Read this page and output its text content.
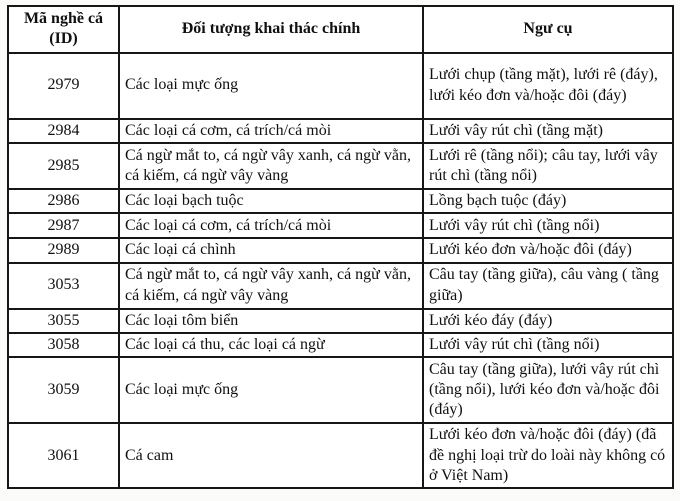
Mã nghề cá (ID)	Đối tượng khai thác chính	Ngư cụ
2979	Các loại mực ống	Lưới chụp (tầng mặt), lưới rê (đáy), lưới kéo đơn và/hoặc đôi (đáy)
2984	Các loại cá cơm, cá trích/cá mòi	Lưới vây rút chì (tầng mặt)
2985	Cá ngừ mắt to, cá ngừ vây xanh, cá ngừ vằn, cá kiếm, cá ngừ vây vàng	Lưới rê (tầng nổi); câu tay, lưới vây rút chì (tầng nổi)
2986	Các loại bạch tuộc	Lồng bạch tuộc (đáy)
2987	Các loại cá cơm, cá trích/cá mòi	Lưới vây rút chì (tầng nổi)
2989	Các loại cá chình	Lưới kéo đơn và/hoặc đôi (đáy)
3053	Cá ngừ mắt to, cá ngừ vây xanh, cá ngừ vằn, cá kiếm, cá ngừ vây vàng	Câu tay (tầng giữa), câu vàng ( tầng giữa)
3055	Các loại tôm biển	Lưới kéo đáy (đáy)
3058	Các loại cá thu, các loại cá ngừ	Lưới vây rút chì (tầng nổi)
3059	Các loại mực ống	Câu tay (tầng giữa), lưới vây rút chì (tầng nổi), lưới kéo đơn và/hoặc đôi (đáy)
3061	Cá cam	Lưới kéo đơn và/hoặc đôi (đáy) (đã đề nghị loại trừ do loài này không có ở Việt Nam)
